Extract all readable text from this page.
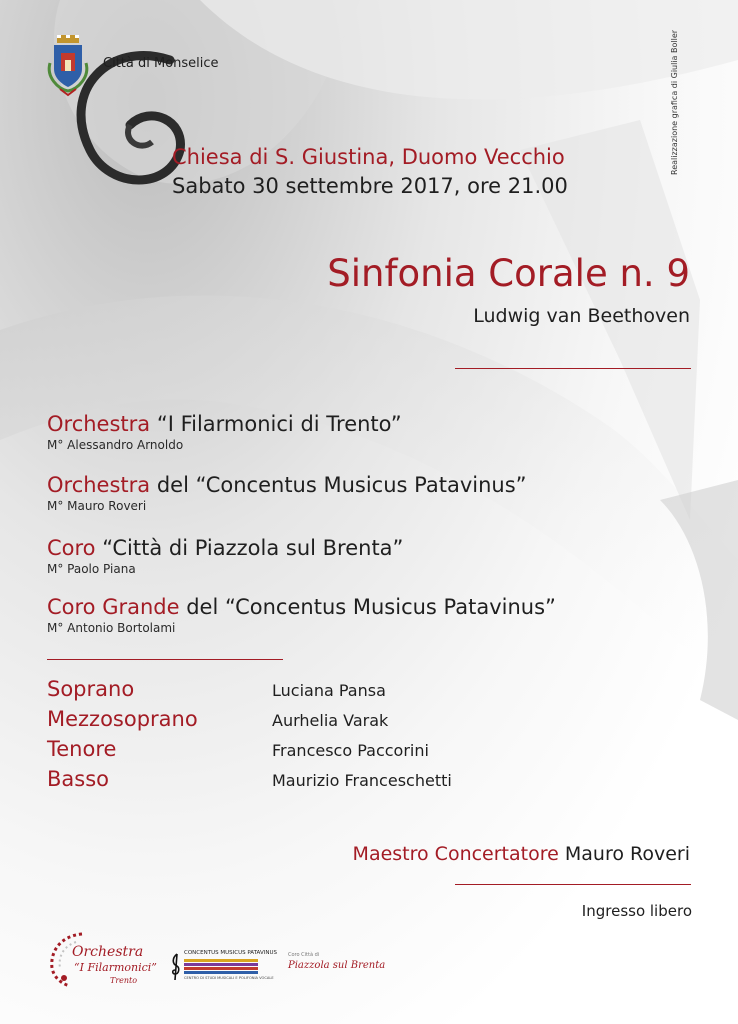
Città di Monselice	Realizzazione grafica di Giulia Boller
Chiesa di S. Giustina, Duomo Vecchio
Sabato 30 settembre 2017, ore 21.00
Sinfonia Corale n. 9
Ludwig van Beethoven
Orchestra “I Filarmonici di Trento”
M° Alessandro Arnoldo
Orchestra del “Concentus Musicus Patavinus”
M° Mauro Roveri
Coro “Città di Piazzola sul Brenta”
M° Paolo Piana
Coro Grande del “Concentus Musicus Patavinus”
M° Antonio Bortolami
Soprano	Luciana Pansa
Mezzosoprano	Aurhelia Varak
Tenore	Francesco Paccorini
Basso	Maurizio Franceschetti
Maestro Concertatore Mauro Roveri
Ingresso libero
Orchestra
“I Filarmonici”
Trento
CONCENTUS MUSICUS PATAVINUS
CENTRO DI STUDI MUSICALI E POLIFONIA VOCALE
Coro Città di
Piazzola sul Brenta
